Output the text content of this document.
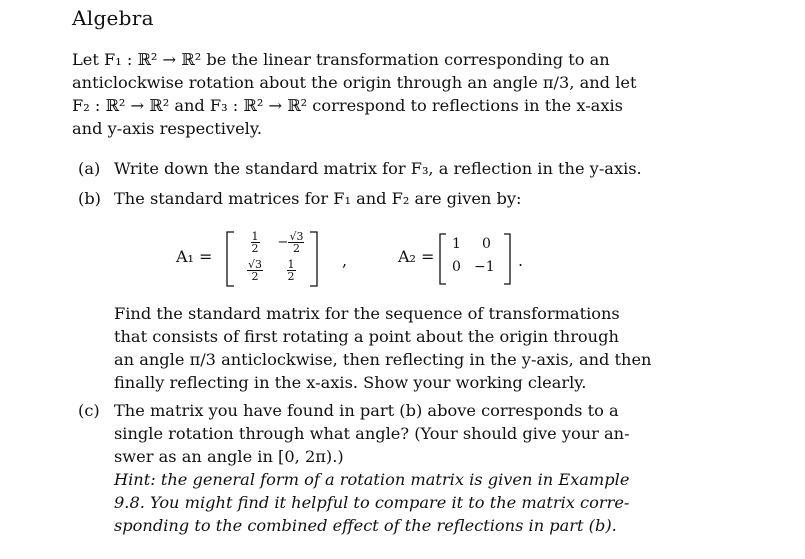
Algebra
Let F₁ : ℝ² → ℝ² be the linear transformation corresponding to an
anticlockwise rotation about the origin through an angle π/3, and let
F₂ : ℝ² → ℝ² and F₃ : ℝ² → ℝ² correspond to reflections in the x-axis
and y-axis respectively.
(a) Write down the standard matrix for F₃, a reflection in the y-axis.
(b) The standard matrices for F₁ and F₂ are given by:
A₁ =
$\frac{1}{2} - \frac{√3}{2}$
$\frac{√3}{2} \frac{1}{2}$	,	A₂ =
1 0
0 −1 .
Find the standard matrix for the sequence of transformations
that consists of first rotating a point about the origin through
an angle π/3 anticlockwise, then reflecting in the y-axis, and then
finally reflecting in the x-axis. Show your working clearly.
(c) The matrix you have found in part (b) above corresponds to a
single rotation through what angle? (Your should give your an-
swer as an angle in [0, 2π).)
Hint: the general form of a rotation matrix is given in Example
9.8. You might find it helpful to compare it to the matrix corre-
sponding to the combined effect of the reflections in part (b).
